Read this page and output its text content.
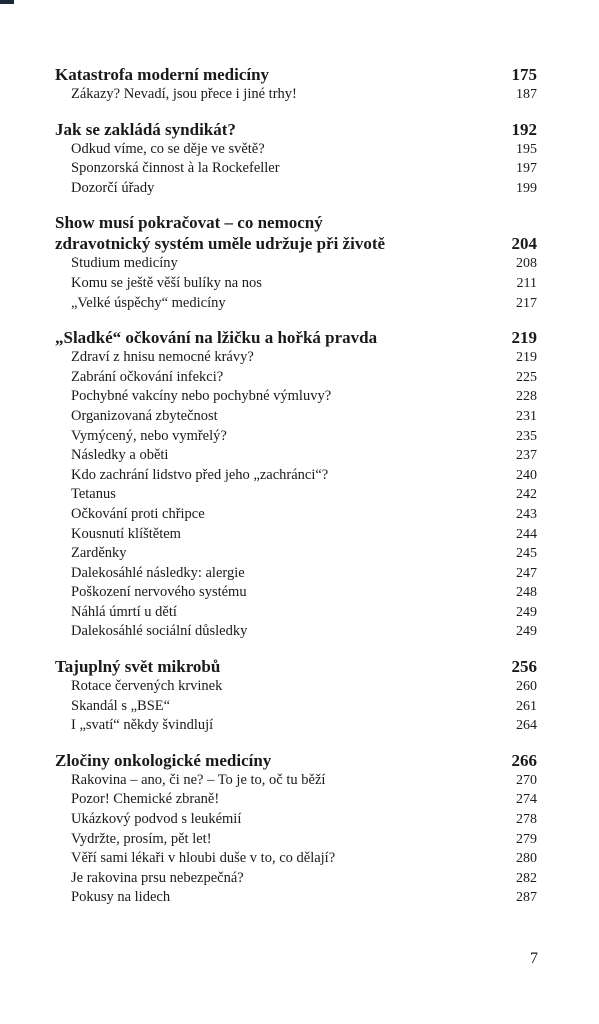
Katastrofa moderní medicíny	175
Zákazy? Nevadí, jsou přece i jiné trhy!	187
Jak se zakládá syndikát?	192
Odkud víme, co se děje ve světě?	195
Sponzorská činnost à la Rockefeller	197
Dozorčí úřady	199
Show musí pokračovat – co nemocný
zdravotnický systém uměle udržuje při životě	204
Studium medicíny	208
Komu se ještě věší bulíky na nos	211
„Velké úspěchy“ medicíny	217
„Sladké“ očkování na lžičku a hořká pravda	219
Zdraví z hnisu nemocné krávy?	219
Zabrání očkování infekci?	225
Pochybné vakcíny nebo pochybné výmluvy?	228
Organizovaná zbytečnost	231
Vymýcený, nebo vymřelý?	235
Následky a oběti	237
Kdo zachrání lidstvo před jeho „zachránci“?	240
Tetanus	242
Očkování proti chřipce	243
Kousnutí klíštětem	244
Zarděnky	245
Dalekosáhlé následky: alergie	247
Poškození nervového systému	248
Náhlá úmrtí u dětí	249
Dalekosáhlé sociální důsledky	249
Tajuplný svět mikrobů	256
Rotace červených krvinek	260
Skandál s „BSE“	261
I „svatí“ někdy švindlují	264
Zločiny onkologické medicíny	266
Rakovina – ano, či ne? – To je to, oč tu běží	270
Pozor! Chemické zbraně!	274
Ukázkový podvod s leukémií	278
Vydržte, prosím, pět let!	279
Věří sami lékaři v hloubi duše v to, co dělají?	280
Je rakovina prsu nebezpečná?	282
Pokusy na lidech	287
7
